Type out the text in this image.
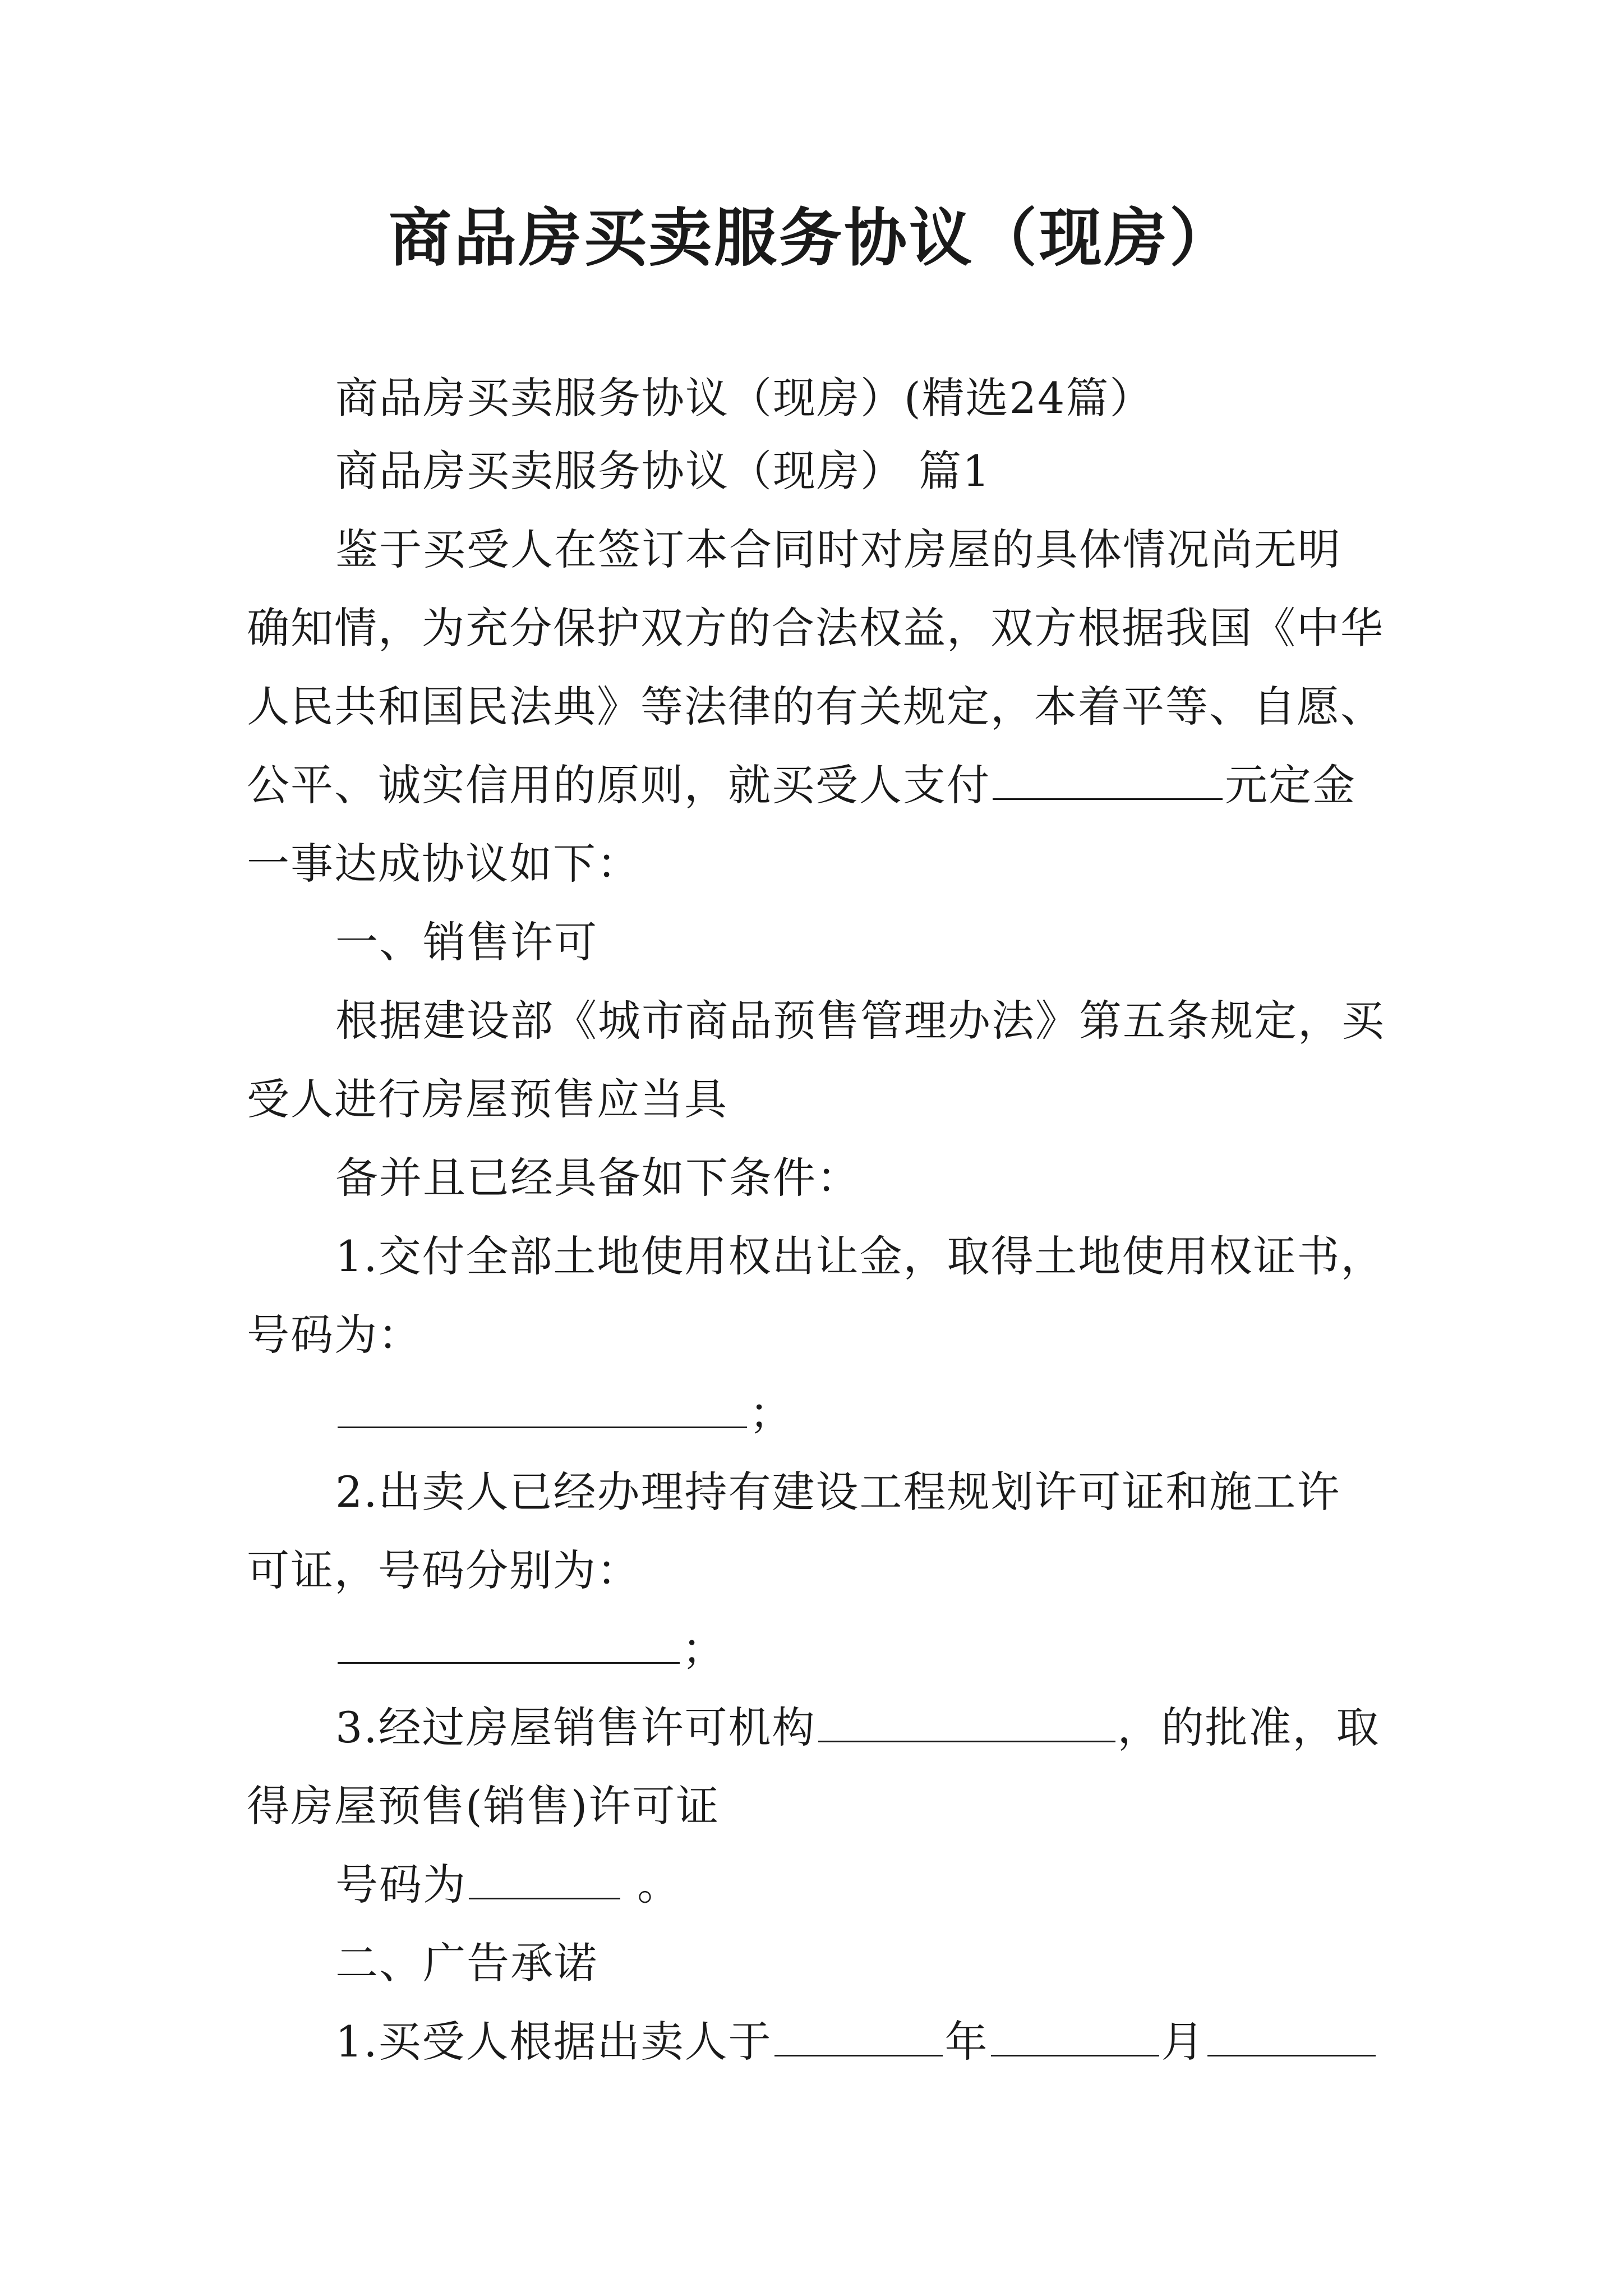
商品房买卖服务协议（现房）
商品房买卖服务协议（现房）(精选24篇）
商品房买卖服务协议（现房） 篇1
鉴于买受人在签订本合同时对房屋的具体情况尚无明
确知情，为充分保护双方的合法权益，双方根据我国《中华
人民共和国民法典》等法律的有关规定，本着平等、自愿、
公平、诚实信用的原则，就买受人支付	元定金
一事达成协议如下：
一、销售许可
根据建设部《城市商品预售管理办法》第五条规定，买
受人进行房屋预售应当具
备并且已经具备如下条件：
1.交付全部土地使用权出让金，取得土地使用权证书，
号码为：
；
2.出卖人已经办理持有建设工程规划许可证和施工许
可证，号码分别为：
；
3.经过房屋销售许可机构	，的批准，取
得房屋预售(销售)许可证
号码为	。
二、广告承诺
1.买受人根据出卖人于	年	月
